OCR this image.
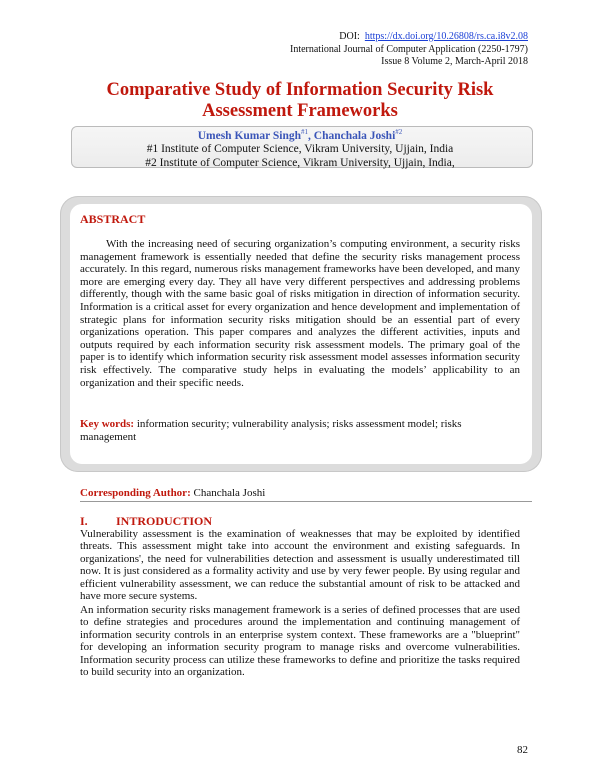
DOI: https://dx.doi.org/10.26808/rs.ca.i8v2.08
International Journal of Computer Application (2250-1797)
Issue 8 Volume 2, March-April 2018
Comparative Study of Information Security Risk
Assessment Frameworks
Umesh Kumar Singh$^{\#1}$, Chanchala Joshi$^{\#2}$
#1 Institute of Computer Science, Vikram University, Ujjain, India
#2 Institute of Computer Science, Vikram University, Ujjain, India,
ABSTRACT
With the increasing need of securing organization’s computing environment, a security risks management framework is essentially needed that define the security risks management process accurately. In this regard, numerous risks management frameworks have been developed, and many more are emerging every day. They all have very different perspectives and addressing problems differently, though with the same basic goal of risks mitigation in direction of information security. Information is a critical asset for every organization and hence development and implementation of strategic plans for information security risks mitigation should be an essential part of every organizations operation. This paper compares and analyzes the different activities, inputs and outputs required by each information security risk assessment models. The primary goal of the paper is to identify which information security risk assessment model assesses information security risk effectively. The comparative study helps in evaluating the models’ applicability to an organization and their specific needs.
Key words: information security; vulnerability analysis; risks assessment model; risks management
Corresponding Author: Chanchala Joshi
I. INTRODUCTION
Vulnerability assessment is the examination of weaknesses that may be exploited by identified threats. This assessment might take into account the environment and existing safeguards. In organizations', the need for vulnerabilities detection and assessment is usually underestimated till now. It is just considered as a formality activity and use by very fewer people. By using regular and efficient vulnerability assessment, we can reduce the substantial amount of risk to be attacked and have more secure systems.
An information security risks management framework is a series of defined processes that are used to define strategies and procedures around the implementation and continuing management of information security controls in an enterprise system context. These frameworks are a "blueprint" for developing an information security program to manage risks and overcome vulnerabilities. Information security process can utilize these frameworks to define and prioritize the tasks required to build security into an organization.
82
